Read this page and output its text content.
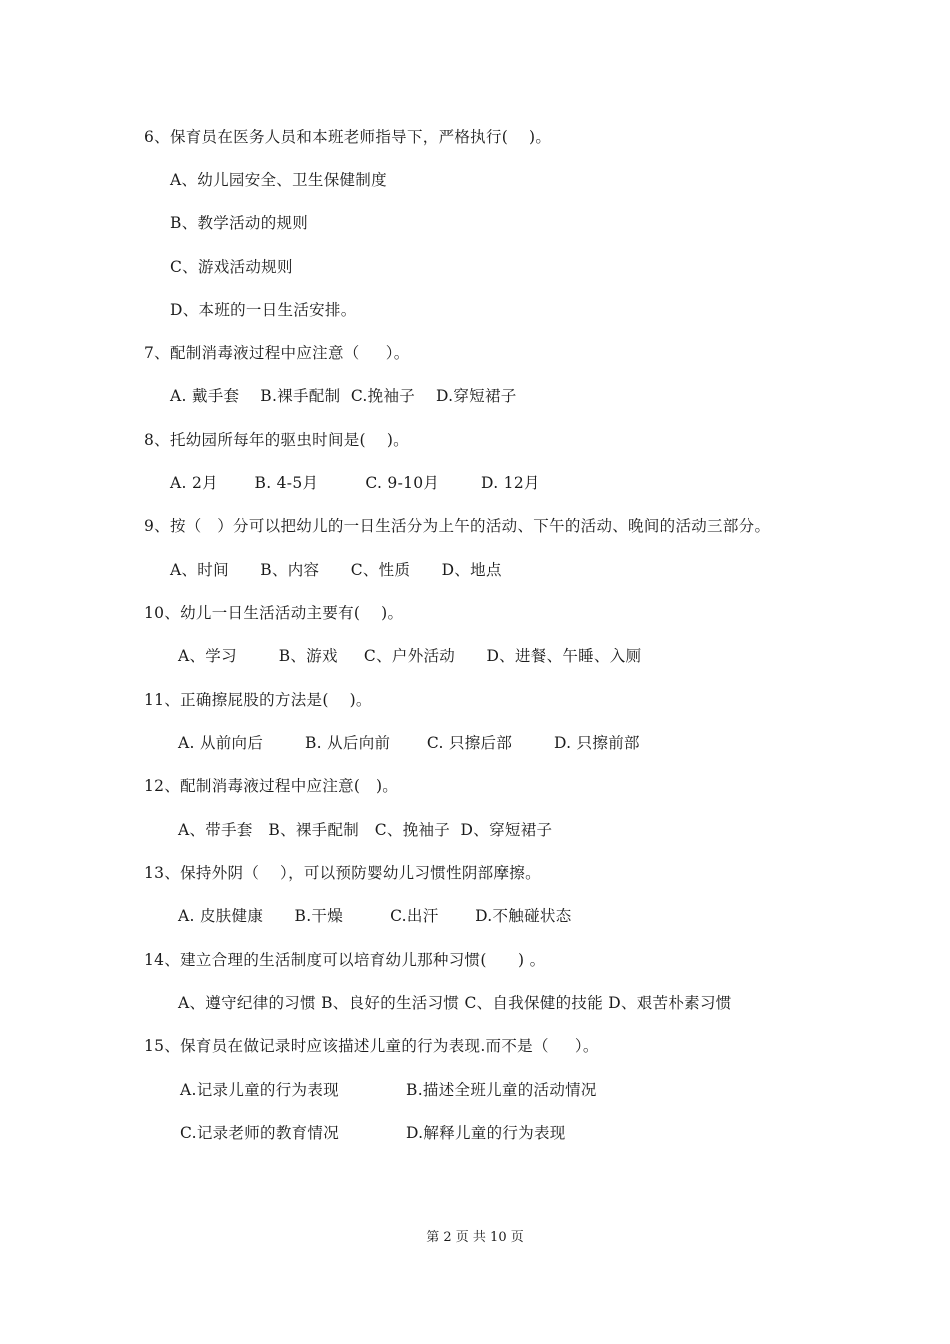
6、保育员在医务人员和本班老师指导下，严格执行(    )。
A、幼儿园安全、卫生保健制度
B、教学活动的规则
C、游戏活动规则
D、本班的一日生活安排。
7、配制消毒液过程中应注意（     ）。
A. 戴手套    B.裸手配制  C.挽袖子    D.穿短裙子
8、托幼园所每年的驱虫时间是(    )。
A. 2月       B. 4-5月         C. 9-10月        D. 12月
9、按（   ）分可以把幼儿的一日生活分为上午的活动、下午的活动、晚间的活动三部分。
A、时间      B、内容      C、性质      D、地点
10、幼儿一日生活活动主要有(    )。
A、学习        B、游戏     C、户外活动      D、进餐、午睡、入厕
11、正确擦屁股的方法是(    )。
A. 从前向后        B. 从后向前       C. 只擦后部        D. 只擦前部
12、配制消毒液过程中应注意(   )。
A、带手套   B、裸手配制   C、挽袖子  D、穿短裙子
13、保持外阴（    ），可以预防婴幼儿习惯性阴部摩擦。
A. 皮肤健康      B.干燥         C.出汗       D.不触碰状态
14、建立合理的生活制度可以培育幼儿那种习惯(      ) 。
A、遵守纪律的习惯 B、良好的生活习惯 C、自我保健的技能 D、艰苦朴素习惯
15、保育员在做记录时应该描述儿童的行为表现.而不是（     ）。
A.记录儿童的行为表现	B.描述全班儿童的活动情况
C.记录老师的教育情况	D.解释儿童的行为表现
第 2 页 共 10 页
